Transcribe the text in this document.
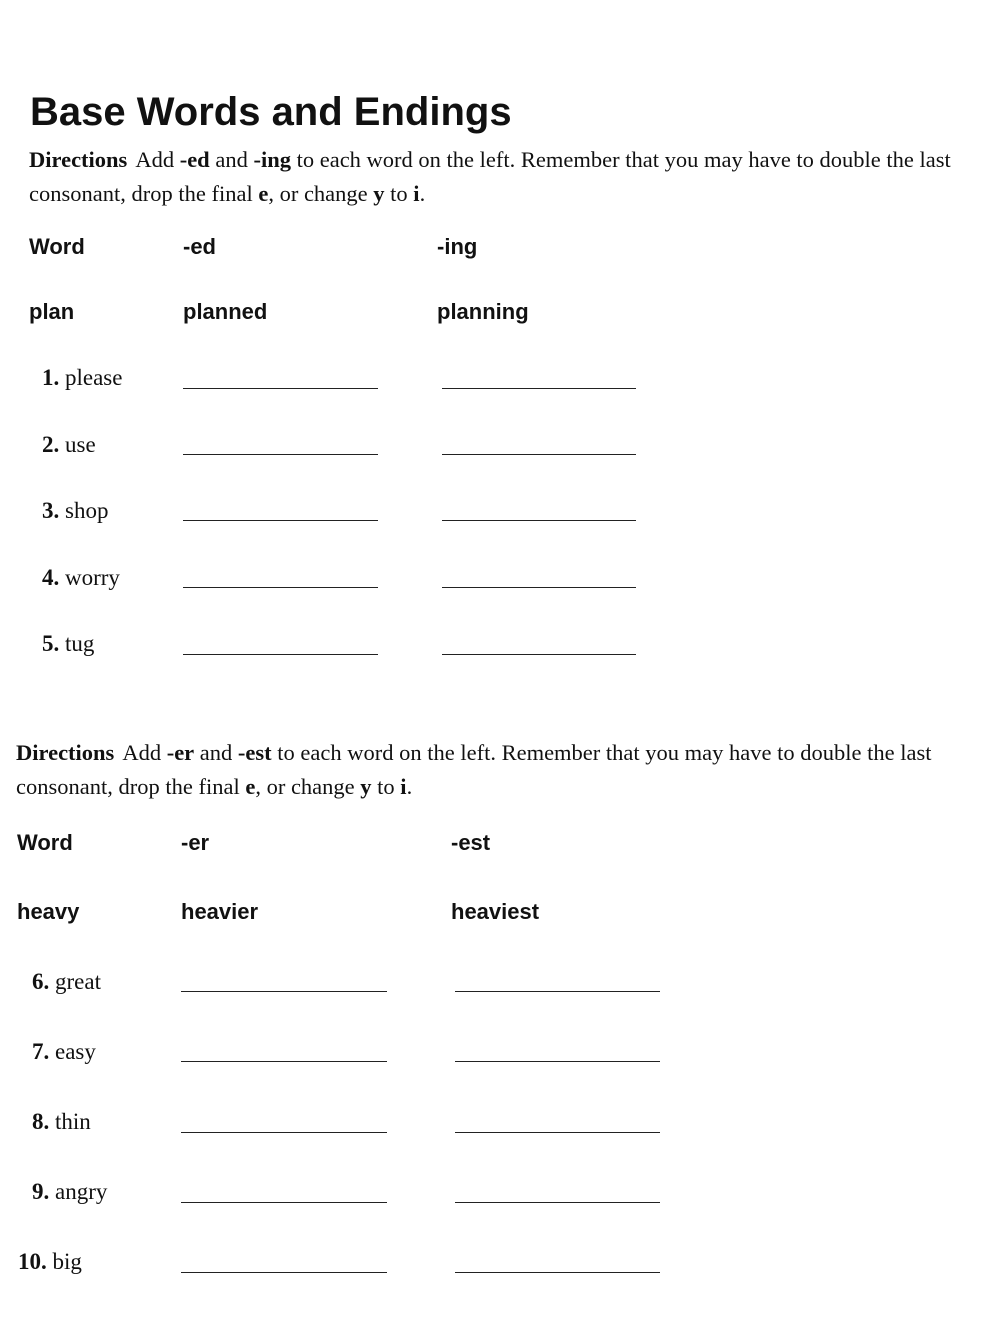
Base Words and Endings

Directions Add -ed and -ing to each word on the left. Remember that you may have to double the last consonant, drop the final e, or change y to i.

Word	-ed	-ing
plan	planned	planning
1. please
2. use
3. shop
4. worry
5. tug

Directions Add -er and -est to each word on the left. Remember that you may have to double the last consonant, drop the final e, or change y to i.

Word	-er	-est
heavy	heavier	heaviest
6. great
7. easy
8. thin
9. angry
10. big
